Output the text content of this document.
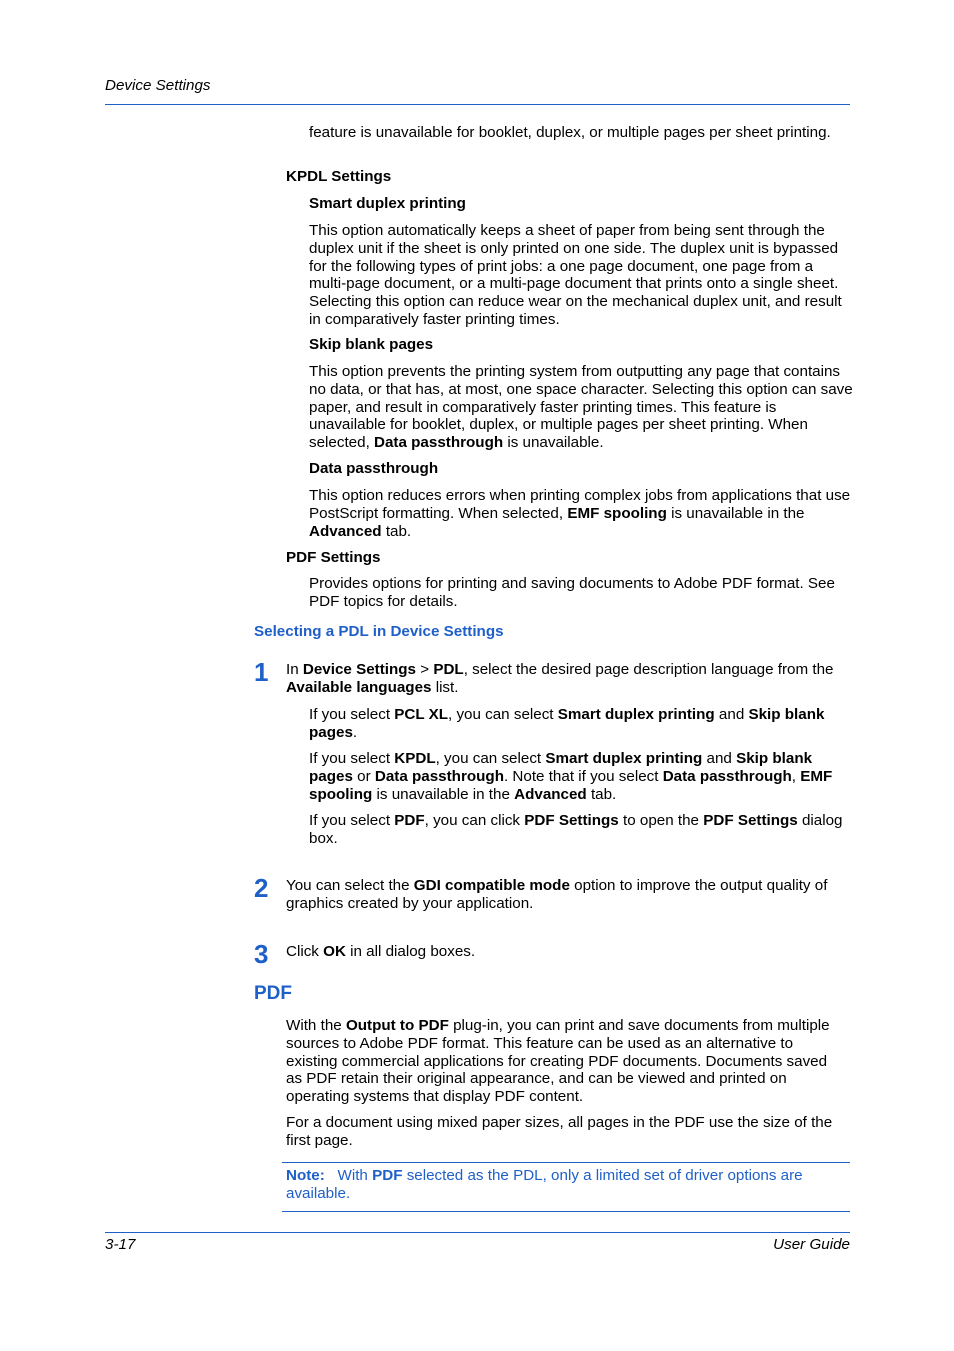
Device Settings

feature is unavailable for booklet, duplex, or multiple pages per sheet printing.

KPDL Settings
Smart duplex printing

This option automatically keeps a sheet of paper from being sent through the duplex unit if the sheet is only printed on one side. The duplex unit is bypassed for the following types of print jobs: a one page document, one page from a multi-page document, or a multi-page document that prints onto a single sheet. Selecting this option can reduce wear on the mechanical duplex unit, and result in comparatively faster printing times.

Skip blank pages

This option prevents the printing system from outputting any page that contains no data, or that has, at most, one space character. Selecting this option can save paper, and result in comparatively faster printing times. This feature is unavailable for booklet, duplex, or multiple pages per sheet printing. When selected, Data passthrough is unavailable.

Data passthrough

This option reduces errors when printing complex jobs from applications that use PostScript formatting. When selected, EMF spooling is unavailable in the Advanced tab.

PDF Settings

Provides options for printing and saving documents to Adobe PDF format. See PDF topics for details.

Selecting a PDL in Device Settings
1 In Device Settings > PDL, select the desired page description language from the Available languages list.

If you select PCL XL, you can select Smart duplex printing and Skip blank pages.

If you select KPDL, you can select Smart duplex printing and Skip blank pages or Data passthrough. Note that if you select Data passthrough, EMF spooling is unavailable in the Advanced tab.

If you select PDF, you can click PDF Settings to open the PDF Settings dialog box.

2 You can select the GDI compatible mode option to improve the output quality of graphics created by your application.

3 Click OK in all dialog boxes.

PDF

With the Output to PDF plug-in, you can print and save documents from multiple sources to Adobe PDF format. This feature can be used as an alternative to existing commercial applications for creating PDF documents. Documents saved as PDF retain their original appearance, and can be viewed and printed on operating systems that display PDF content.

For a document using mixed paper sizes, all pages in the PDF use the size of the first page.

Note: With PDF selected as the PDL, only a limited set of driver options are available.

3-17	User Guide
